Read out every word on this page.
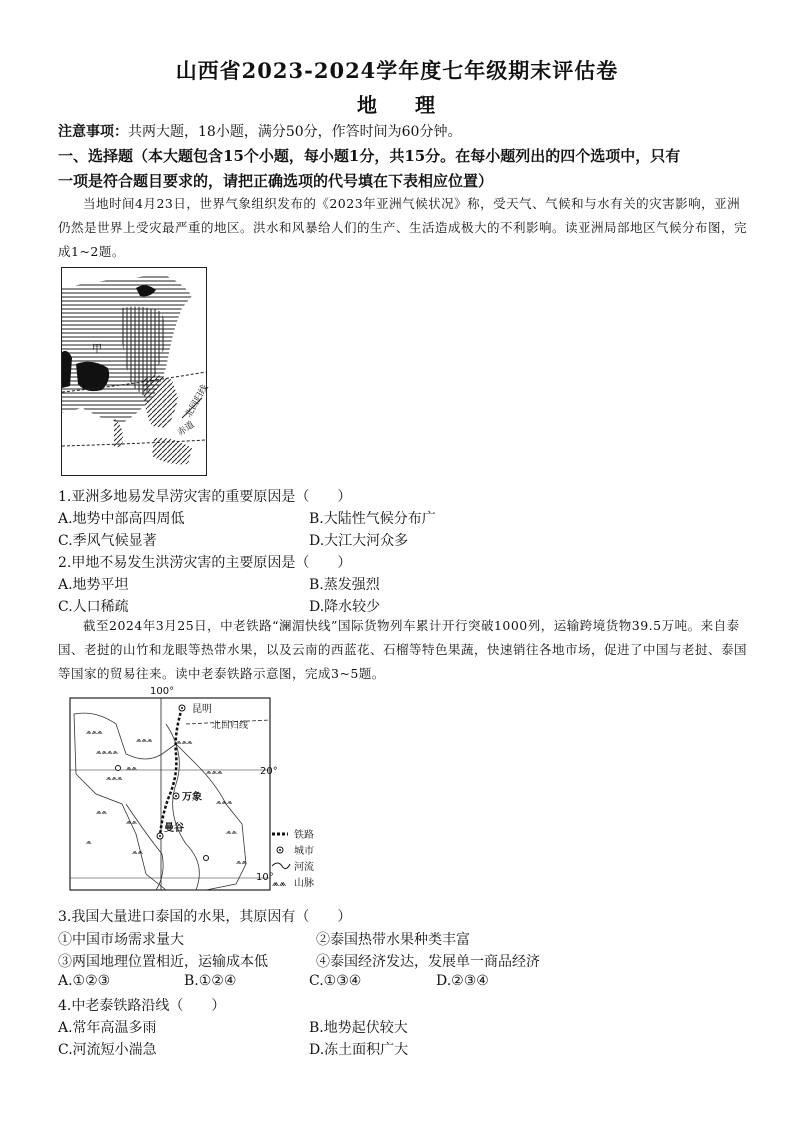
山西省2023-2024学年度七年级期末评估卷
地 理
注意事项：共两大题，18小题，满分50分，作答时间为60分钟。
一、选择题（本大题包含15个小题，每小题1分，共15分。在每小题列出的四个选项中，只有
一项是符合题目要求的，请把正确选项的代号填在下表相应位置）
当地时间4月23日，世界气象组织发布的《2023年亚洲气候状况》称，受天气、气候和与水有关的灾害影响，亚洲仍然是世界上受灾最严重的地区。洪水和风暴给人们的生产、生活造成极大的不利影响。读亚洲局部地区气候分布图，完成1~2题。
甲
北回归线
赤道
1.亚洲多地易发旱涝灾害的重要原因是（　　）
A.地势中部高四周低	B.大陆性气候分布广
C.季风气候显著	D.大江大河众多
2.甲地不易发生洪涝灾害的主要原因是（　　）
A.地势平坦	B.蒸发强烈
C.人口稀疏	D.降水较少
截至2024年3月25日，中老铁路“澜湄快线”国际货物列车累计开行突破1000列，运输跨境货物39.5万吨。来自泰国、老挝的山竹和龙眼等热带水果，以及云南的西蓝花、石榴等特色果蔬，快速销往各地市场，促进了中国与老挝、泰国等国家的贸易往来。读中老泰铁路示意图，完成3~5题。
⩕⩕⩕
⩕⩕⩕⩕
⩕⩕⩕
⩕⩕⩕
⩕⩕
⩕⩕⩕
⩕⩕⩕
⩕⩕⩕
⩕⩕
⩕⩕
⩕⩕
⩕⩕
⩕⩕
⩕
100°
昆明
北回归线
20°
万象
曼谷
10°
铁路
城市
河流
⩕⩕ 山脉
3.我国大量进口泰国的水果，其原因有（　　）
①中国市场需求量大	②泰国热带水果种类丰富
③两国地理位置相近，运输成本低	④泰国经济发达，发展单一商品经济
A.①②③	B.①②④	C.①③④	D.②③④
4.中老泰铁路沿线（　　）
A.常年高温多雨	B.地势起伏较大
C.河流短小湍急	D.冻土面积广大
